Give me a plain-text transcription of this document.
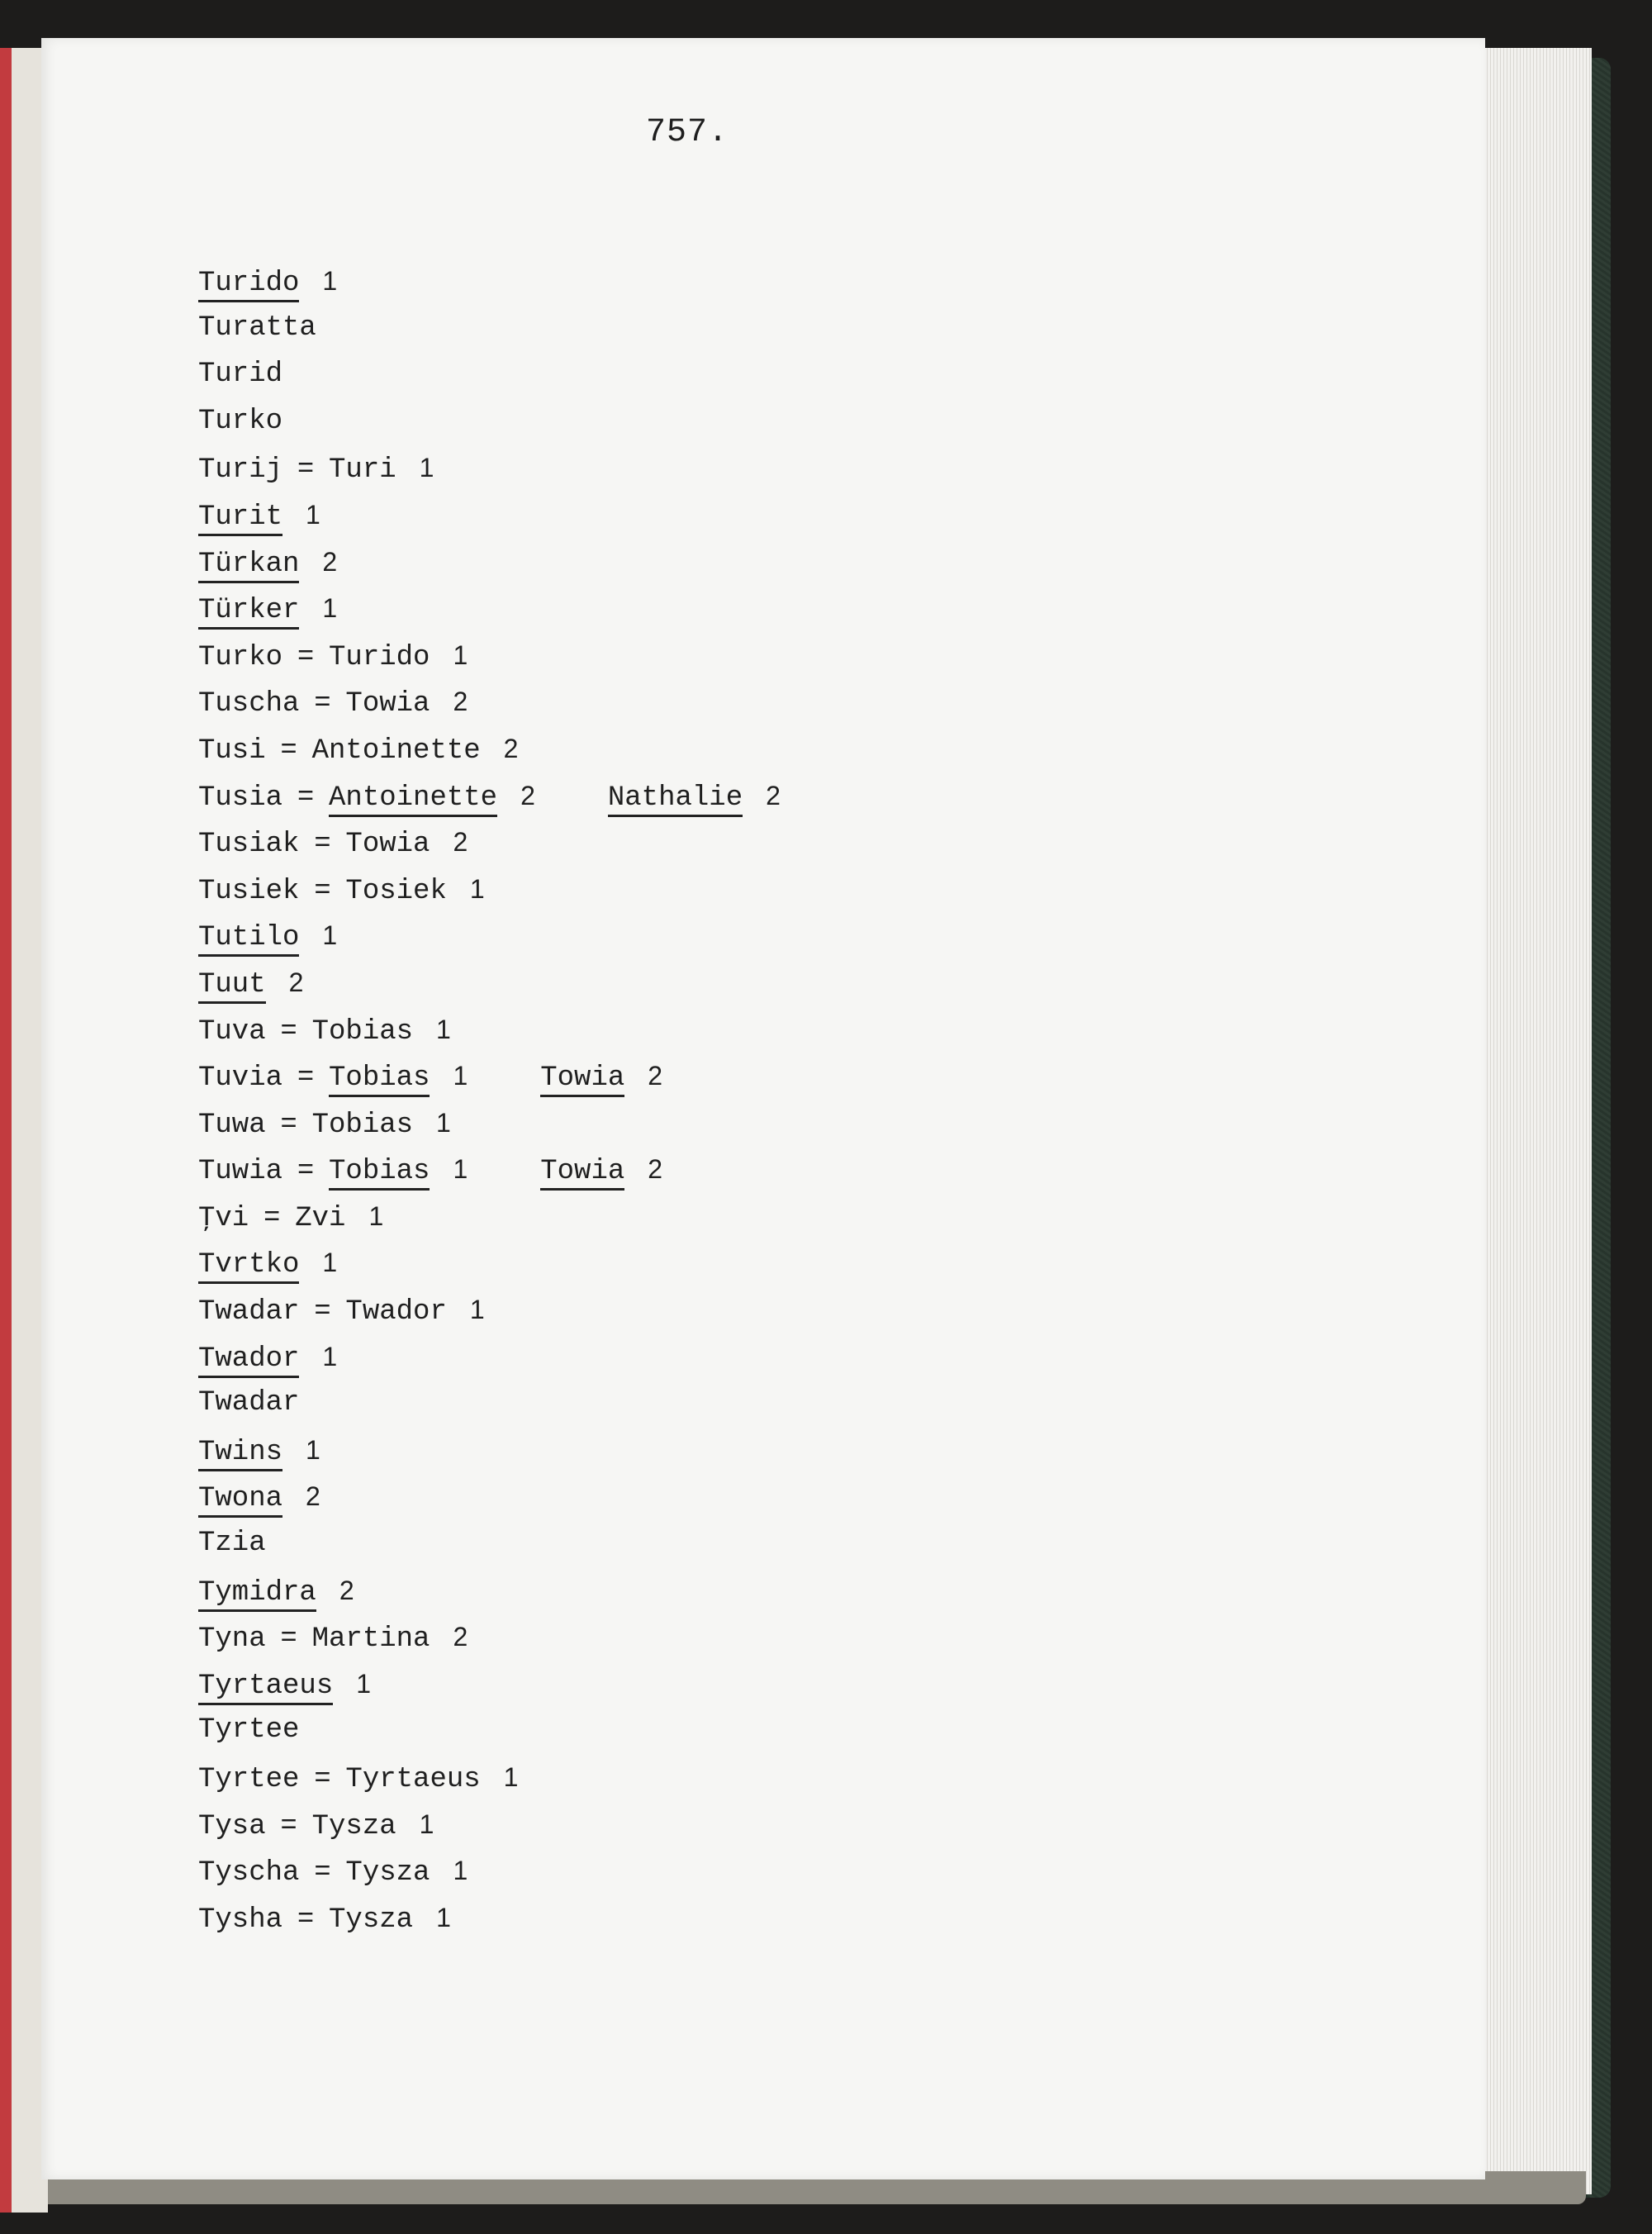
757.
Turido 1
Turatta
Turid
Turko
Turij = Turi 1
Turit 1
Türkan 2
Türker 1
Turko = Turido 1
Tuscha = Towia 2
Tusi = Antoinette 2
Tusia = Antoinette 2	Nathalie 2
Tusiak = Towia 2
Tusiek = Tosiek 1
Tutilo 1
Tuut 2
Tuva = Tobias 1
Tuvia = Tobias 1	Towia 2
Tuwa = Tobias 1
Tuwia = Tobias 1	Towia 2
Ţvi = Zvi 1
Tvrtko 1
Twadar = Twador 1
Twador 1
Twadar
Twins 1
Twona 2
Tzia
Tymidra 2
Tyna = Martina 2
Tyrtaeus 1
Tyrtee
Tyrtee = Tyrtaeus 1
Tysa = Tysza 1
Tyscha = Tysza 1
Tysha = Tysza 1
